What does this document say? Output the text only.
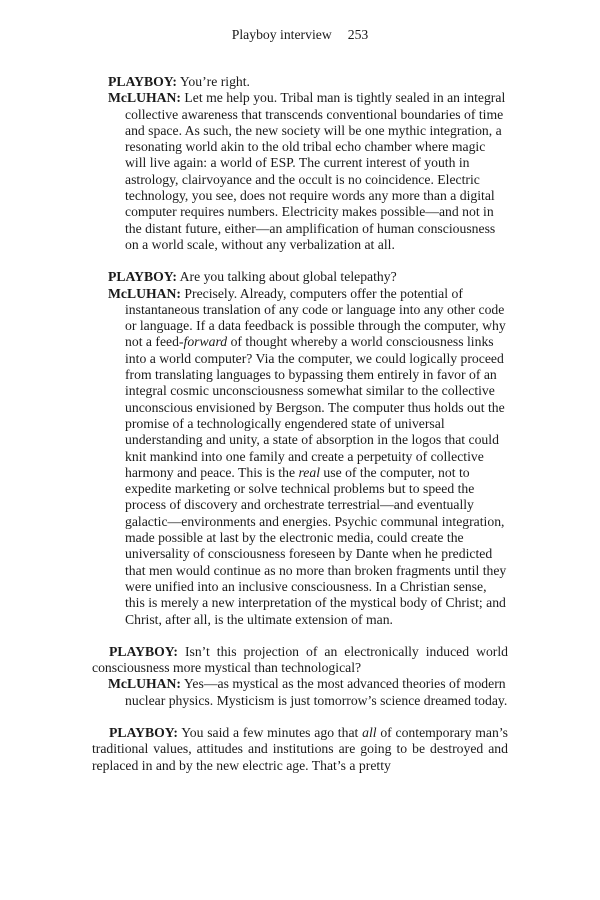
Playboy interview 253

PLAYBOY: You’re right.

McLUHAN: Let me help you. Tribal man is tightly sealed in an integral collective awareness that transcends conventional boundaries of time and space. As such, the new society will be one mythic integration, a resonating world akin to the old tribal echo chamber where magic will live again: a world of ESP. The current interest of youth in astrology, clairvoyance and the occult is no coincidence. Electric technology, you see, does not require words any more than a digital computer requires numbers. Electricity makes possible—and not in the distant future, either—an amplification of human consciousness on a world scale, without any verbalization at all.

PLAYBOY: Are you talking about global telepathy?

McLUHAN: Precisely. Already, computers offer the potential of instantaneous translation of any code or language into any other code or language. If a data feedback is possible through the computer, why not a feed-forward of thought whereby a world consciousness links into a world computer? Via the computer, we could logically proceed from translating languages to bypassing them entirely in favor of an integral cosmic unconsciousness somewhat similar to the collective unconscious envisioned by Bergson. The computer thus holds out the promise of a technologically engendered state of universal understanding and unity, a state of absorption in the logos that could knit mankind into one family and create a perpetuity of collective harmony and peace. This is the real use of the computer, not to expedite marketing or solve technical problems but to speed the process of discovery and orchestrate terrestrial—and eventually galactic—environments and energies. Psychic communal integration, made possible at last by the electronic media, could create the universality of consciousness foreseen by Dante when he predicted that men would continue as no more than broken fragments until they were unified into an inclusive consciousness. In a Christian sense, this is merely a new interpretation of the mystical body of Christ; and Christ, after all, is the ultimate extension of man.

PLAYBOY: Isn’t this projection of an electronically induced world consciousness more mystical than technological?

McLUHAN: Yes—as mystical as the most advanced theories of modern nuclear physics. Mysticism is just tomorrow’s science dreamed today.

PLAYBOY: You said a few minutes ago that all of contemporary man’s traditional values, attitudes and institutions are going to be destroyed and replaced in and by the new electric age. That’s a pretty
